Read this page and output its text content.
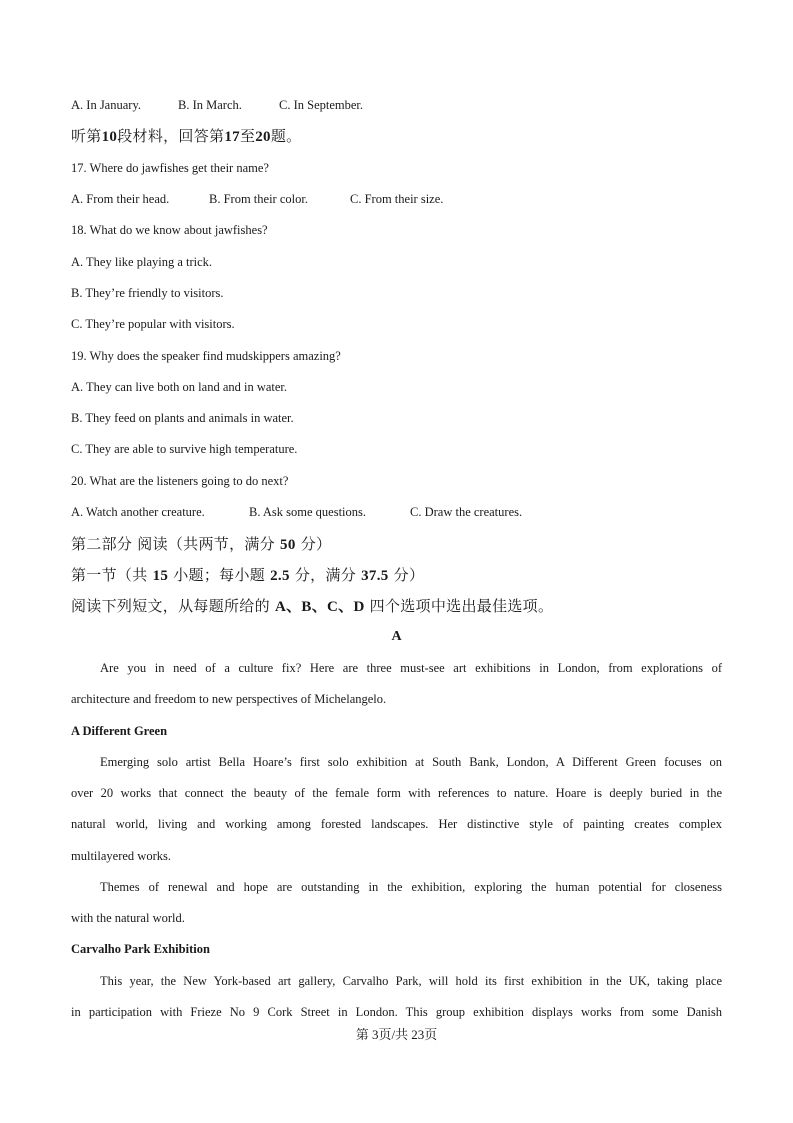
A. In January.	B. In March.	C. In September.
听第10段材料，回答第17至20题。
17. Where do jawfishes get their name?
A. From their head.	B. From their color.	C. From their size.
18. What do we know about jawfishes?
A. They like playing a trick.
B. They’re friendly to visitors.
C. They’re popular with visitors.
19. Why does the speaker find mudskippers amazing?
A. They can live both on land and in water.
B. They feed on plants and animals in water.
C. They are able to survive high temperature.
20. What are the listeners going to do next?
A. Watch another creature.	B. Ask some questions.	C. Draw the creatures.
第二部分 阅读（共两节，满分 50 分）
第一节（共 15 小题；每小题 2.5 分，满分 37.5 分）
阅读下列短文，从每题所给的 A、B、C、D 四个选项中选出最佳选项。
A
Are you in need of a culture fix? Here are three must-see art exhibitions in London, from explorations of
architecture and freedom to new perspectives of Michelangelo.
A Different Green
Emerging solo artist Bella Hoare’s first solo exhibition at South Bank, London, A Different Green focuses on
over 20 works that connect the beauty of the female form with references to nature. Hoare is deeply buried in the
natural world, living and working among forested landscapes. Her distinctive style of painting creates complex
multilayered works.
Themes of renewal and hope are outstanding in the exhibition, exploring the human potential for closeness
with the natural world.
Carvalho Park Exhibition
This year, the New York-based art gallery, Carvalho Park, will hold its first exhibition in the UK, taking place
in participation with Frieze No 9 Cork Street in London. This group exhibition displays works from some Danish
第 3页/共 23页
